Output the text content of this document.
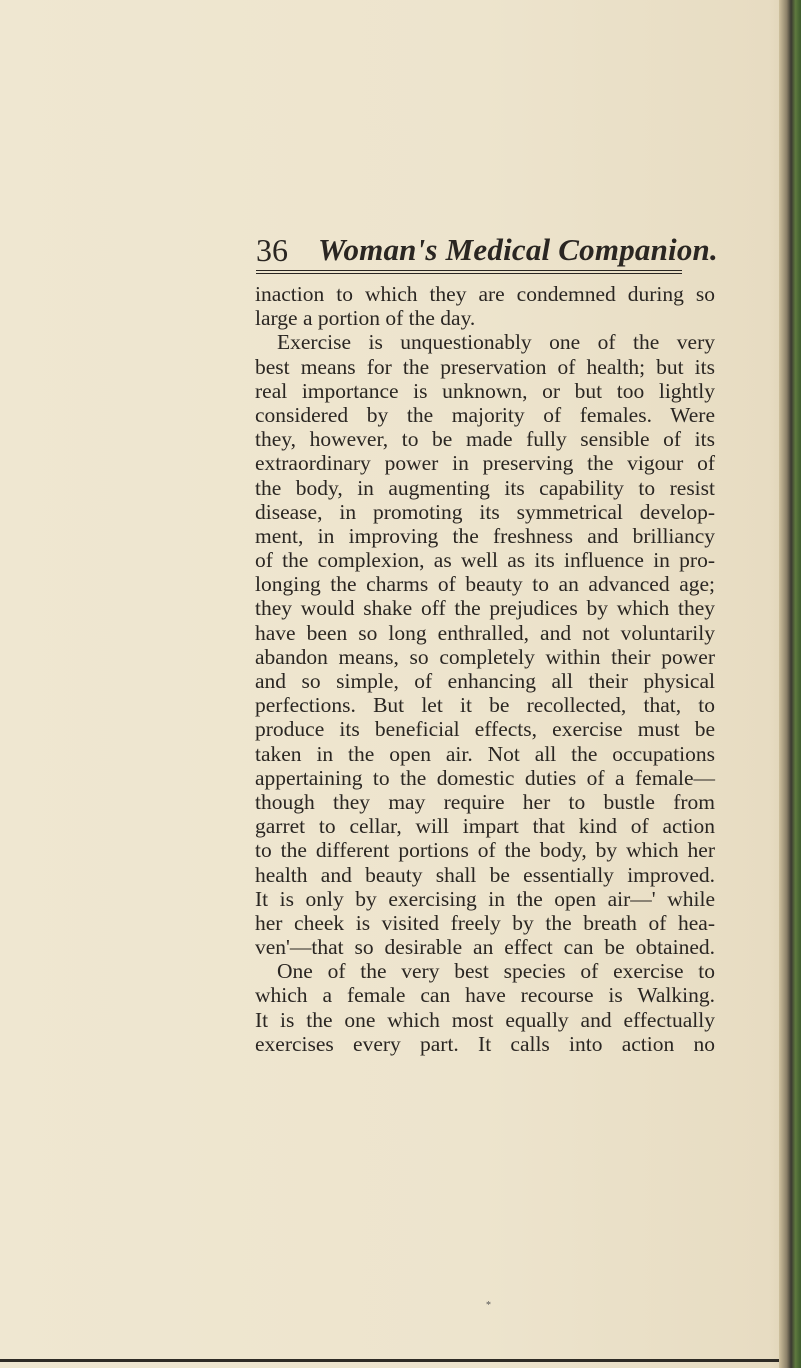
36 Woman's Medical Companion.
inaction to which they are condemned during so
large a portion of the day.
Exercise is unquestionably one of the very
best means for the preservation of health; but its
real importance is unknown, or but too lightly
considered by the majority of females. Were
they, however, to be made fully sensible of its
extraordinary power in preserving the vigour of
the body, in augmenting its capability to resist
disease, in promoting its symmetrical develop-
ment, in improving the freshness and brilliancy
of the complexion, as well as its influence in pro-
longing the charms of beauty to an advanced age;
they would shake off the prejudices by which they
have been so long enthralled, and not voluntarily
abandon means, so completely within their power
and so simple, of enhancing all their physical
perfections. But let it be recollected, that, to
produce its beneficial effects, exercise must be
taken in the open air. Not all the occupations
appertaining to the domestic duties of a female—
though they may require her to bustle from
garret to cellar, will impart that kind of action
to the different portions of the body, by which her
health and beauty shall be essentially improved.
It is only by exercising in the open air—' while
her cheek is visited freely by the breath of hea-
ven'—that so desirable an effect can be obtained.
One of the very best species of exercise to
which a female can have recourse is Walking.
It is the one which most equally and effectually
exercises every part. It calls into action no
*
